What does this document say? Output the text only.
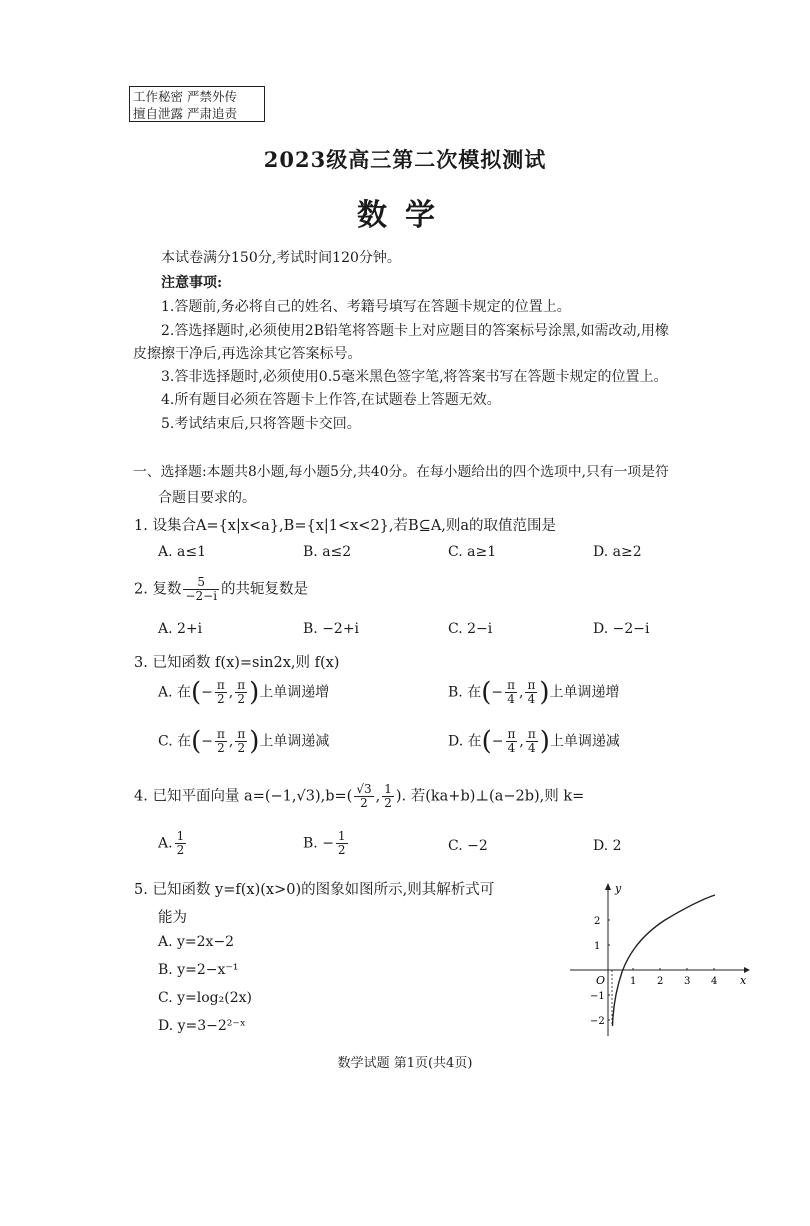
工作秘密 严禁外传
擅自泄露 严肃追责
2023级高三第二次模拟测试
数学
本试卷满分150分,考试时间120分钟。
注意事项:
1.答题前,务必将自己的姓名、考籍号填写在答题卡规定的位置上。
2.答选择题时,必须使用2B铅笔将答题卡上对应题目的答案标号涂黑,如需改动,用橡
皮擦擦干净后,再选涂其它答案标号。
3.答非选择题时,必须使用0.5毫米黑色签字笔,将答案书写在答题卡规定的位置上。
4.所有题目必须在答题卡上作答,在试题卷上答题无效。
5.考试结束后,只将答题卡交回。
一、选择题:本题共8小题,每小题5分,共40分。在每小题给出的四个选项中,只有一项是符
合题目要求的。
1. 设集合A={x|x<a},B={x|1<x<2},若B⊆A,则a的取值范围是
A. a≤1	B. a≤2	C. a≥1	D. a≥2
2. 复数 $\frac{5}{-2-i}$ 的共轭复数是
A. 2+i	B. −2+i	C. 2−i	D. −2−i
3. 已知函数 f(x)=sin2x,则 f(x)
A. 在(− $\frac{\pi}{2}$ , $\frac{\pi}{2}$ )上单调递增	B. 在(− $\frac{\pi}{4}$ , $\frac{\pi}{4}$ )上单调递增
C. 在(− $\frac{\pi}{2}$ , $\frac{\pi}{2}$ )上单调递减	D. 在(− $\frac{\pi}{4}$ , $\frac{\pi}{4}$ )上单调递减
4. 已知平面向量 $a=(-1,√3),b=( \frac{√3}{2}$ , $\frac{1}{2}$ ). 若(ka+b)⊥(a−2b),则 k=
A. $\frac{1}{2}$	B. − $\frac{1}{2}$	C. −2	D. 2
5. 已知函数 y=f(x)(x>0)的图象如图所示,则其解析式可
能为
A. y=2x−2
B. y=2−x⁻¹
C. y=log₂(2x)
D. y=3−2²⁻ˣ
y
x
O 1 2 3 4
2
1
−1
−2
数学试题 第1页(共4页)
